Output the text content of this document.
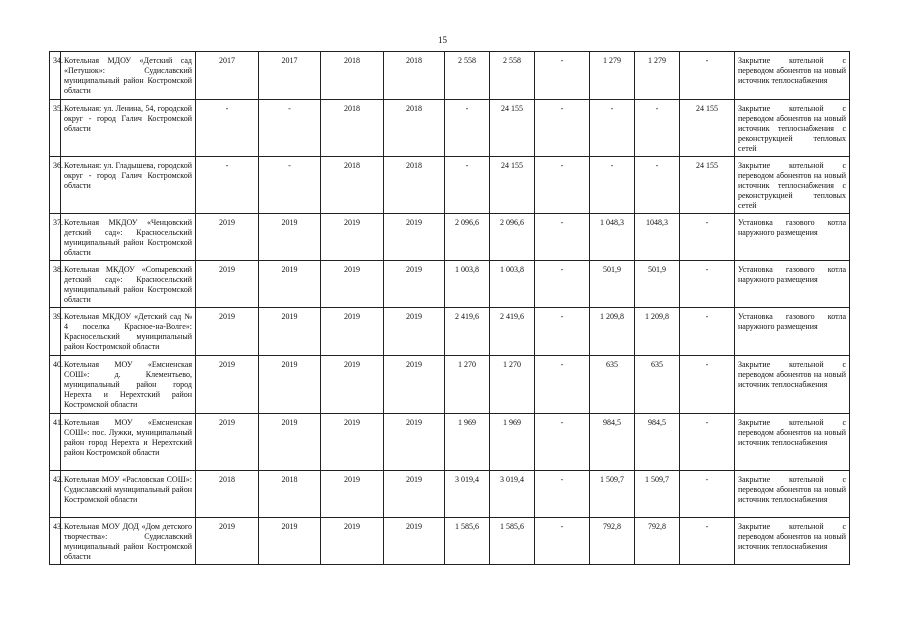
15
34.	Котельная МДОУ «Детский сад «Петушок»: Судиславский муниципальный район Костромской области	2017	2017	2018	2018	2 558	2 558	-	1 279	1 279	-	Закрытие котельной с переводом абонентов на новый источник теплоснабжения
35.	Котельная: ул. Ленина, 54, городской округ - город Галич Костромской области	-	-	2018	2018	-	24 155	-	-	-	24 155	Закрытие котельной с переводом абонентов на новый источник теплоснабжения с реконструкцией тепловых сетей
36.	Котельная: ул. Гладышева, городской округ - город Галич Костромской области	-	-	2018	2018	-	24 155	-	-	-	24 155	Закрытие котельной с переводом абонентов на новый источник теплоснабжения с реконструкцией тепловых сетей
37.	Котельная МКДОУ «Ченцовский детский сад»: Красносельский муниципальный район Костромской области	2019	2019	2019	2019	2 096,6	2 096,6	-	1 048,3	1048,3	-	Установка газового котла наружного размещения
38.	Котельная МКДОУ «Сопыревский детский сад»: Красносельский муниципальный район Костромской области	2019	2019	2019	2019	1 003,8	1 003,8	-	501,9	501,9	-	Установка газового котла наружного размещения
39.	Котельная МКДОУ «Детский сад № 4 поселка Красное-на-Волге»: Красносельский муниципальный район Костромской области	2019	2019	2019	2019	2 419,6	2 419,6	-	1 209,8	1 209,8	-	Установка газового котла наружного размещения
40.	Котельная МОУ «Емсненская СОШ»: д. Клементьево, муниципальный район город Нерехта и Нерехтский район Костромской области	2019	2019	2019	2019	1 270	1 270	-	635	635	-	Закрытие котельной с переводом абонентов на новый источник теплоснабжения
41.	Котельная МОУ «Емсненская СОШ»: пос. Лужки, муниципальный район город Нерехта и Нерехтский район Костромской области	2019	2019	2019	2019	1 969	1 969	-	984,5	984,5	-	Закрытие котельной с переводом абонентов на новый источник теплоснабжения
42.	Котельная МОУ «Расловская СОШ»: Судиславский муниципальный район Костромской области	2018	2018	2019	2019	3 019,4	3 019,4	-	1 509,7	1 509,7	-	Закрытие котельной с переводом абонентов на новый источник теплоснабжения
43.	Котельная МОУ ДОД «Дом детского творчества»: Судиславский муниципальный район Костромской области	2019	2019	2019	2019	1 585,6	1 585,6	-	792,8	792,8	-	Закрытие котельной с переводом абонентов на новый источник теплоснабжения
